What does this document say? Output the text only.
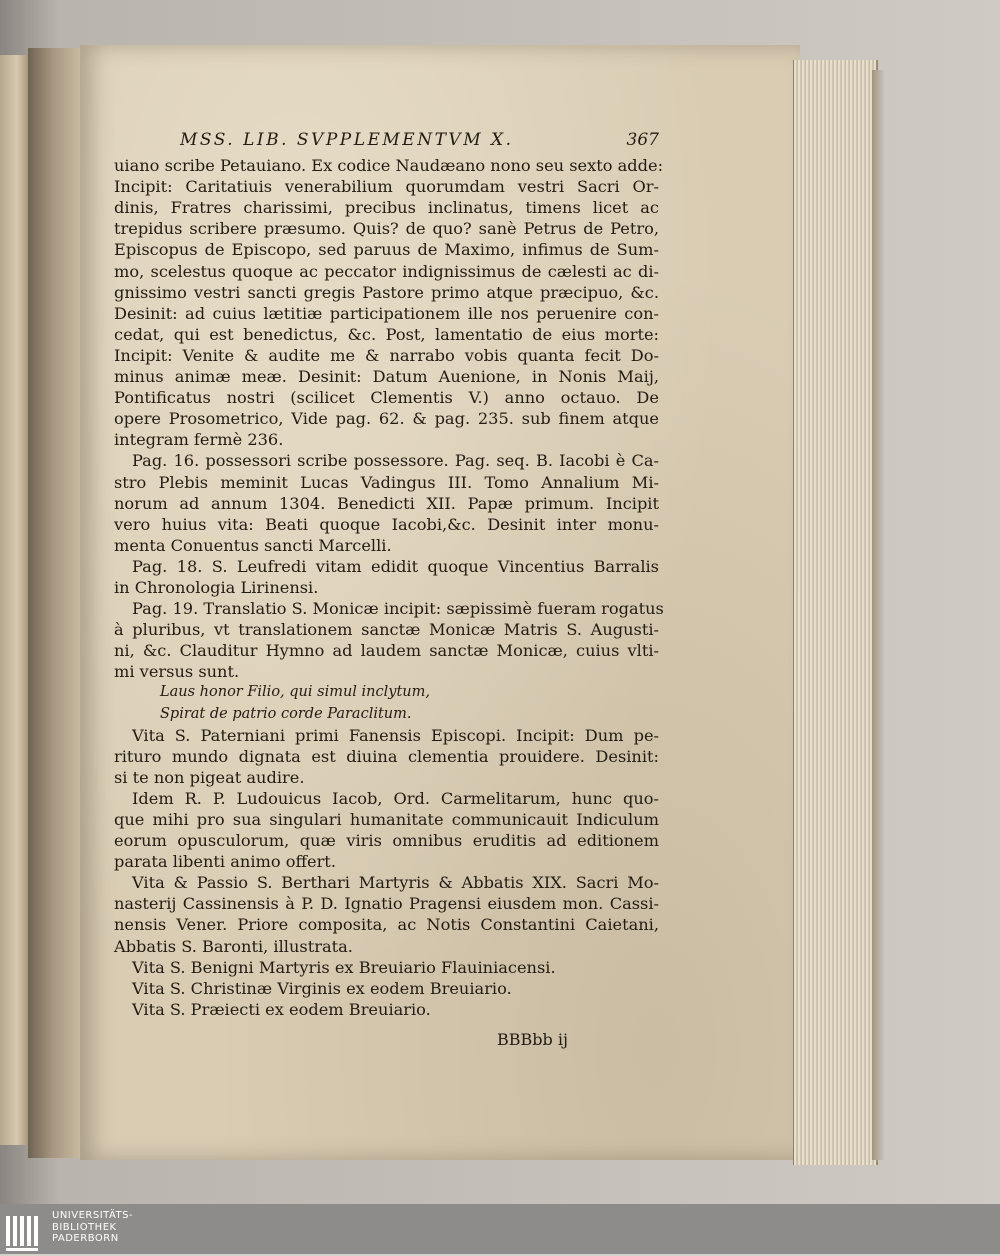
MSS. LIB. SVPPLEMENTVM X.	367
uiano scribe Petauiano. Ex codice Naudæano nono seu sexto adde:
Incipit: Caritatiuis venerabilium quorumdam vestri Sacri Or-
dinis, Fratres charissimi, precibus inclinatus, timens licet ac
trepidus scribere præsumo. Quis? de quo? sanè Petrus de Petro,
Episcopus de Episcopo, sed paruus de Maximo, infimus de Sum-
mo, scelestus quoque ac peccator indignissimus de cælesti ac di-
gnissimo vestri sancti gregis Pastore primo atque præcipuo, &c.
Desinit: ad cuius lætitiæ participationem ille nos peruenire con-
cedat, qui est benedictus, &c. Post, lamentatio de eius morte:
Incipit: Venite & audite me & narrabo vobis quanta fecit Do-
minus animæ meæ. Desinit: Datum Auenione, in Nonis Maij,
Pontificatus nostri (scilicet Clementis V.) anno octauo. De
opere Prosometrico, Vide pag. 62. & pag. 235. sub finem atque
integram fermè 236.
Pag. 16. possessori scribe possessore. Pag. seq. B. Iacobi è Ca-
stro Plebis meminit Lucas Vadingus III. Tomo Annalium Mi-
norum ad annum 1304. Benedicti XII. Papæ primum. Incipit
vero huius vita: Beati quoque Iacobi,&c. Desinit inter monu-
menta Conuentus sancti Marcelli.
Pag. 18. S. Leufredi vitam edidit quoque Vincentius Barralis
in Chronologia Lirinensi.
Pag. 19. Translatio S. Monicæ incipit: sæpissimè fueram rogatus
à pluribus, vt translationem sanctæ Monicæ Matris S. Augusti-
ni, &c. Clauditur Hymno ad laudem sanctæ Monicæ, cuius vlti-
mi versus sunt.
Laus honor Filio, qui simul inclytum,
Spirat de patrio corde Paraclitum.
Vita S. Paterniani primi Fanensis Episcopi. Incipit: Dum pe-
rituro mundo dignata est diuina clementia prouidere. Desinit:
si te non pigeat audire.
Idem R. P. Ludouicus Iacob, Ord. Carmelitarum, hunc quo-
que mihi pro sua singulari humanitate communicauit Indiculum
eorum opusculorum, quæ viris omnibus eruditis ad editionem
parata libenti animo offert.
Vita & Passio S. Berthari Martyris & Abbatis XIX. Sacri Mo-
nasterij Cassinensis à P. D. Ignatio Pragensi eiusdem mon. Cassi-
nensis Vener. Priore composita, ac Notis Constantini Caietani,
Abbatis S. Baronti, illustrata.
Vita S. Benigni Martyris ex Breuiario Flauiniacensi.
Vita S. Christinæ Virginis ex eodem Breuiario.
Vita S. Præiecti ex eodem Breuiario.
BBBbb ij
UNIVERSITÄTS-
BIBLIOTHEK
PADERBORN
